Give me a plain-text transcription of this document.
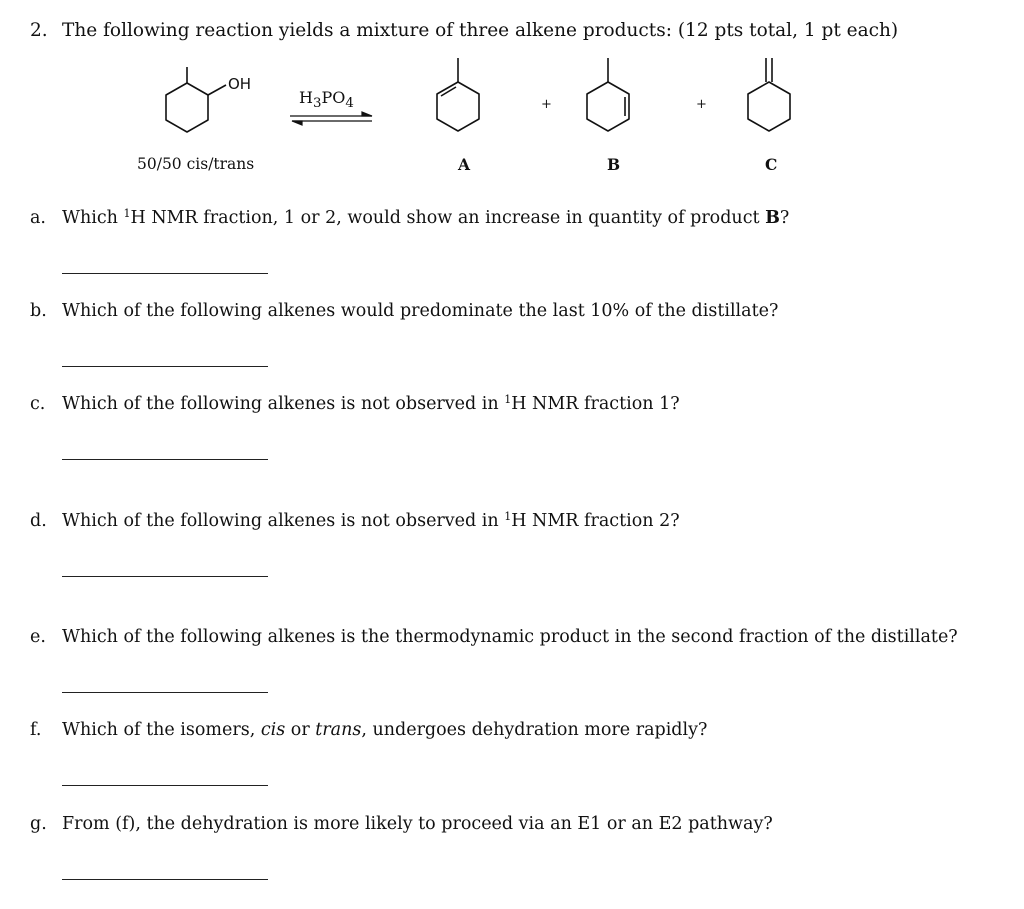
2. The following reaction yields a mixture of three alkene products: (12 pts total, 1 pt each)
OH
$H_3PO_4$	+	+
50/50 cis/trans	A	B	C
a. Which $^1$H NMR fraction, 1 or 2, would show an increase in quantity of product B?
b. Which of the following alkenes would predominate the last 10% of the distillate?
c. Which of the following alkenes is not observed in $^1$H NMR fraction 1?
d. Which of the following alkenes is not observed in $^1$H NMR fraction 2?
e. Which of the following alkenes is the thermodynamic product in the second fraction of the distillate?
f. Which of the isomers, cis or trans, undergoes dehydration more rapidly?
g. From (f), the dehydration is more likely to proceed via an E1 or an E2 pathway?
